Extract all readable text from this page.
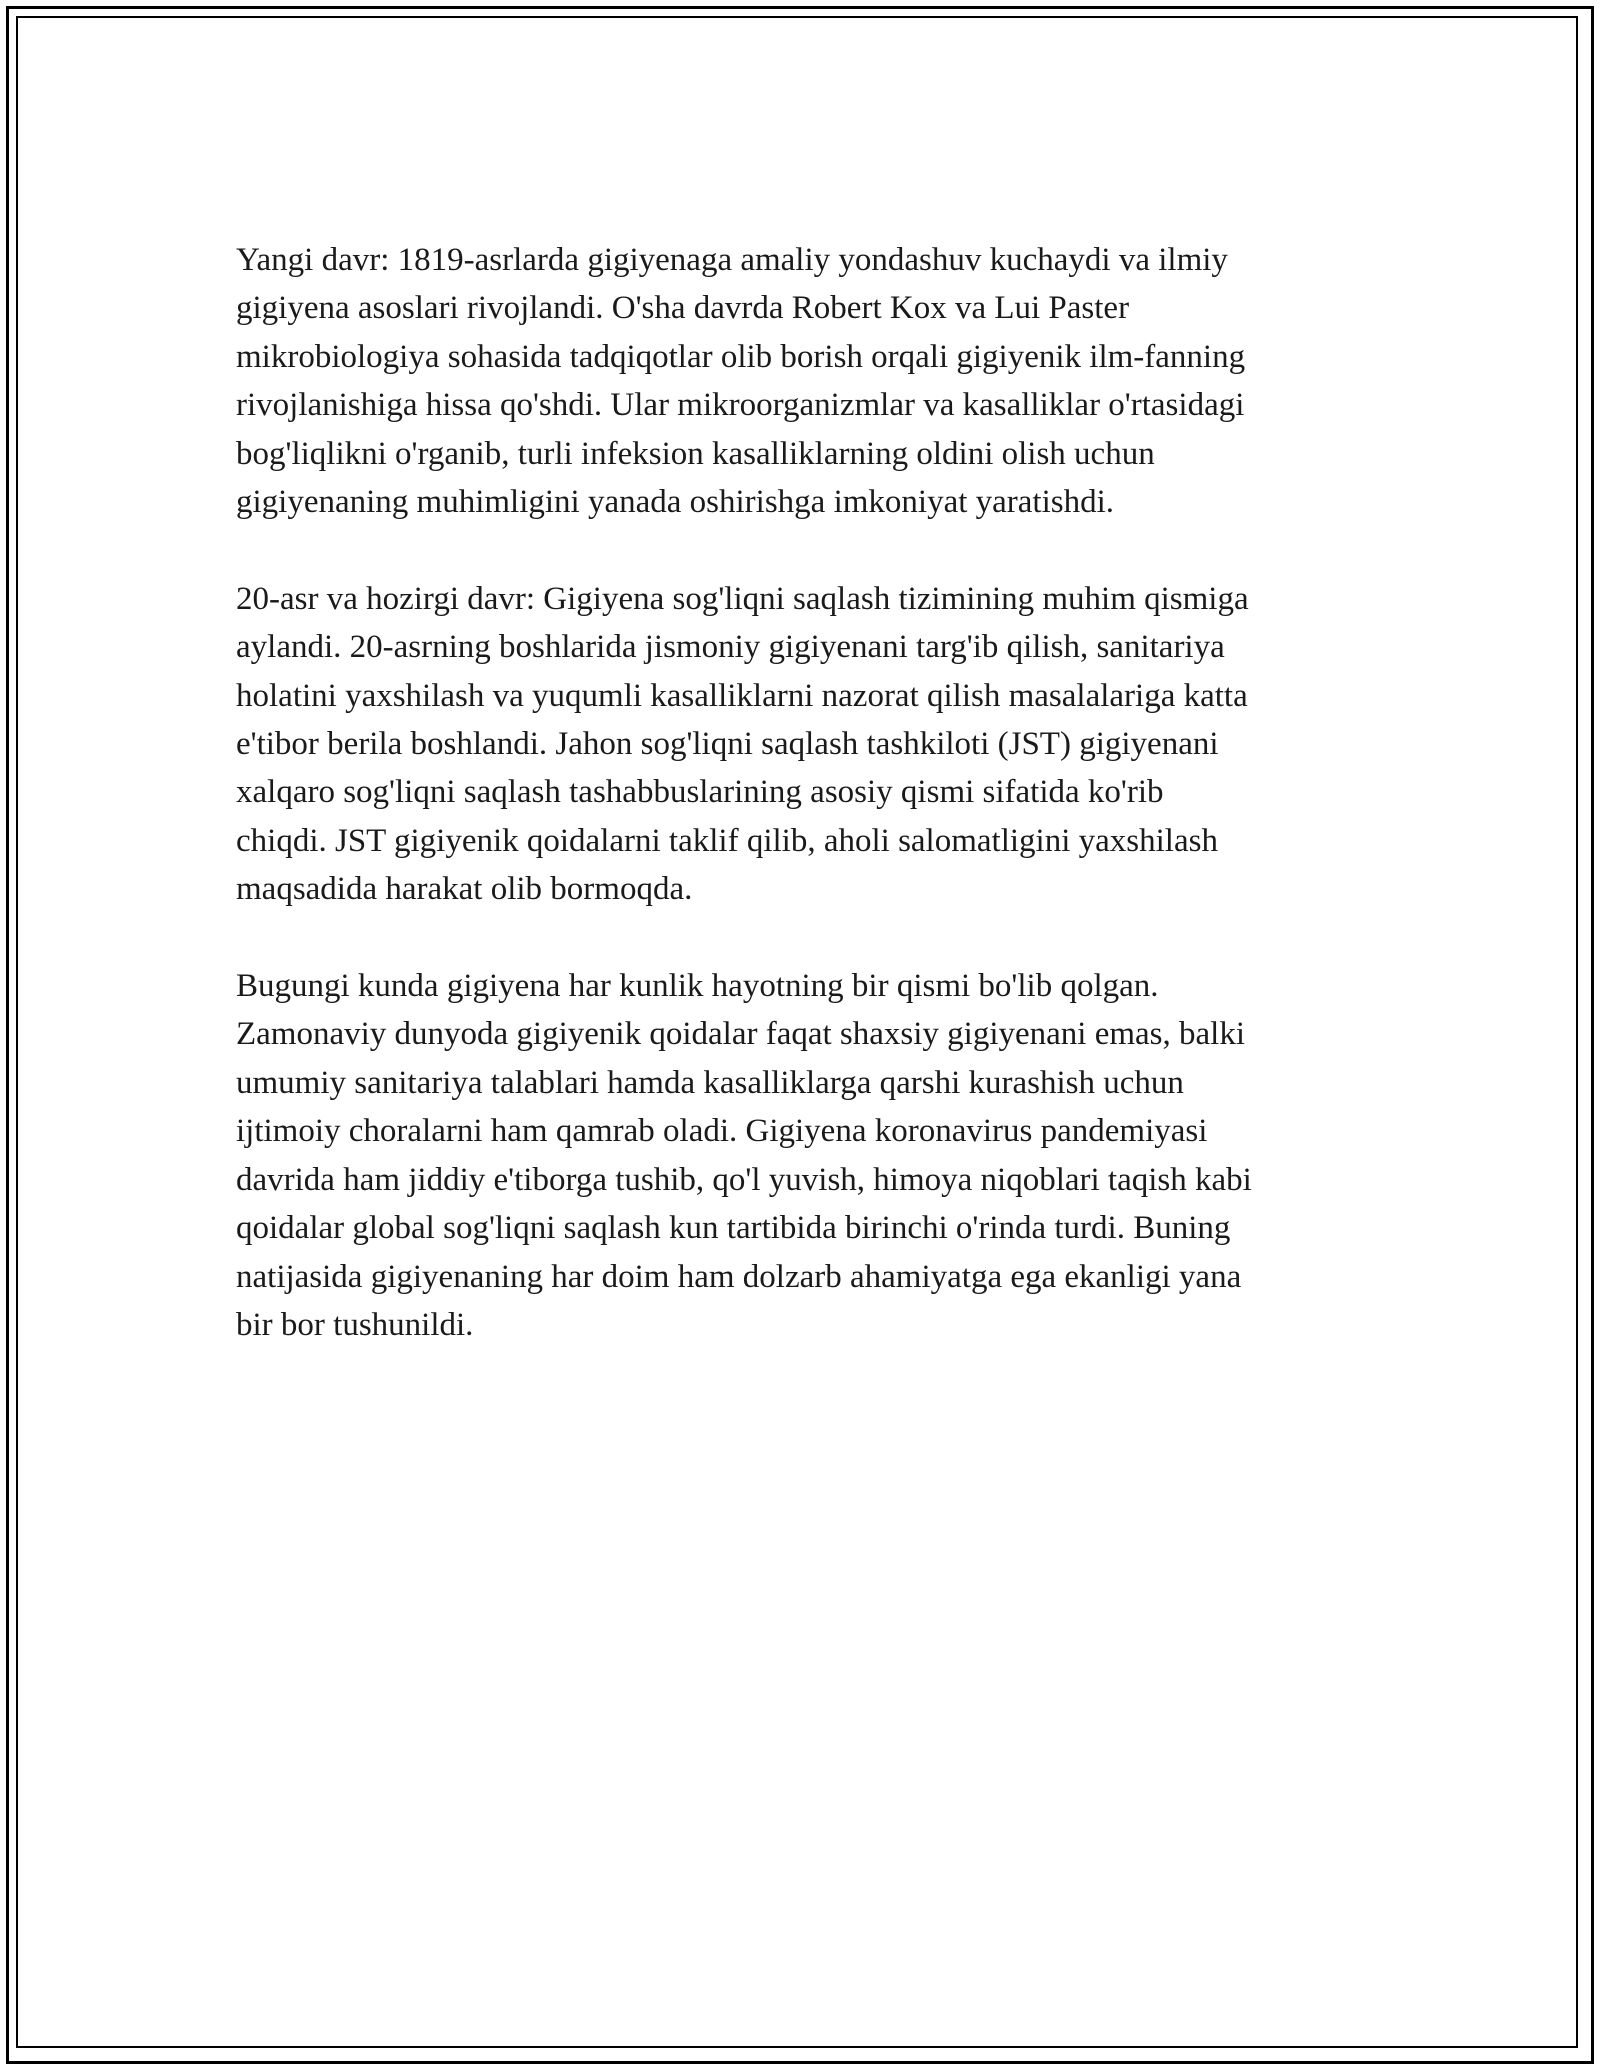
Yangi davr: 1819-asrlarda gigiyenaga amaliy yondashuv kuchaydi va ilmiy
gigiyena asoslari rivojlandi. O'sha davrda Robert Kox va Lui Paster
mikrobiologiya sohasida tadqiqotlar olib borish orqali gigiyenik ilm-fanning
rivojlanishiga hissa qo'shdi. Ular mikroorganizmlar va kasalliklar o'rtasidagi
bog'liqlikni o'rganib, turli infeksion kasalliklarning oldini olish uchun
gigiyenaning muhimligini yanada oshirishga imkoniyat yaratishdi.

20-asr va hozirgi davr: Gigiyena sog'liqni saqlash tizimining muhim qismiga
aylandi. 20-asrning boshlarida jismoniy gigiyenani targ'ib qilish, sanitariya
holatini yaxshilash va yuqumli kasalliklarni nazorat qilish masalalariga katta
e'tibor berila boshlandi. Jahon sog'liqni saqlash tashkiloti (JST) gigiyenani
xalqaro sog'liqni saqlash tashabbuslarining asosiy qismi sifatida ko'rib
chiqdi. JST gigiyenik qoidalarni taklif qilib, aholi salomatligini yaxshilash
maqsadida harakat olib bormoqda.

Bugungi kunda gigiyena har kunlik hayotning bir qismi bo'lib qolgan.
Zamonaviy dunyoda gigiyenik qoidalar faqat shaxsiy gigiyenani emas, balki
umumiy sanitariya talablari hamda kasalliklarga qarshi kurashish uchun
ijtimoiy choralarni ham qamrab oladi. Gigiyena koronavirus pandemiyasi
davrida ham jiddiy e'tiborga tushib, qo'l yuvish, himoya niqoblari taqish kabi
qoidalar global sog'liqni saqlash kun tartibida birinchi o'rinda turdi. Buning
natijasida gigiyenaning har doim ham dolzarb ahamiyatga ega ekanligi yana
bir bor tushunildi.
